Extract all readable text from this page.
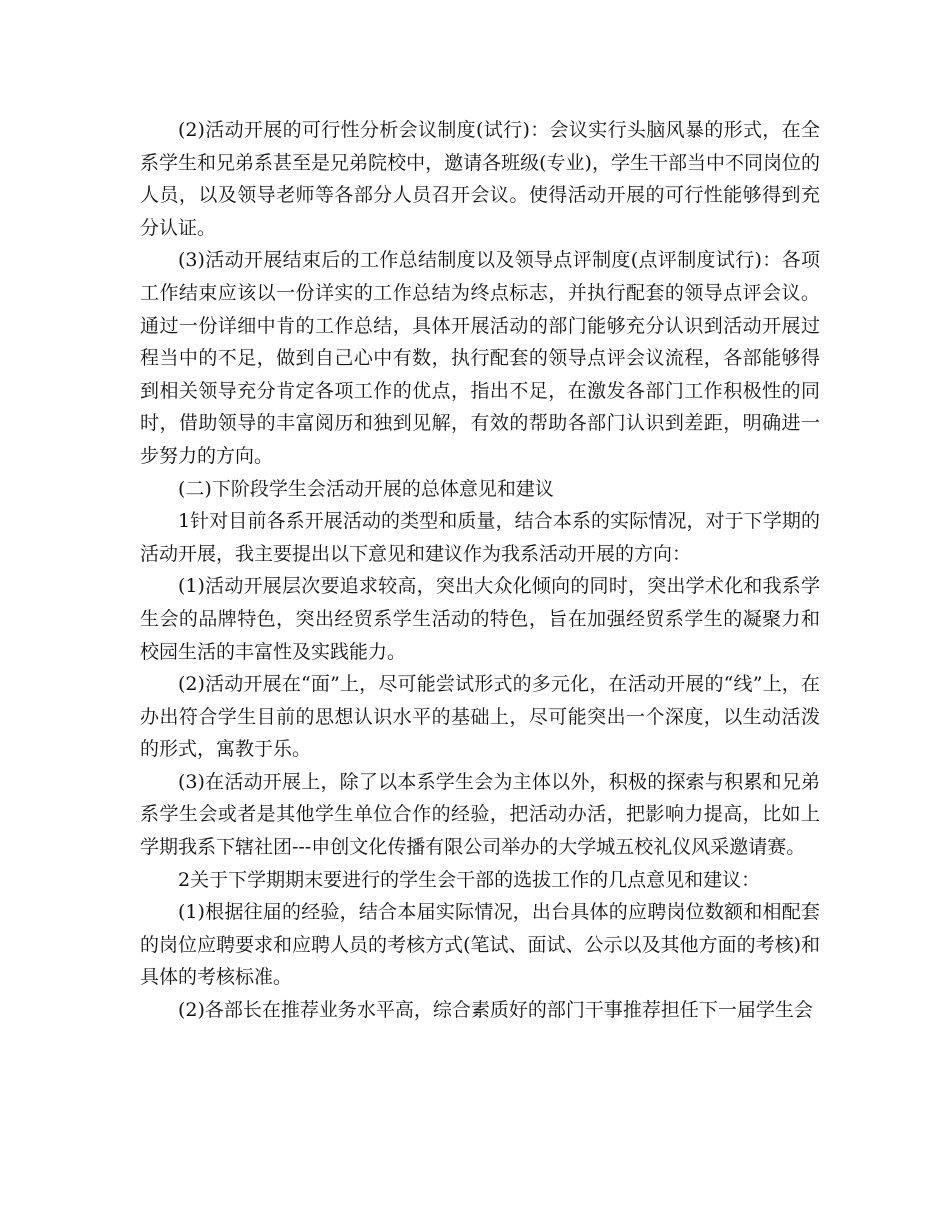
(2)活动开展的可行性分析会议制度(试行)：会议实行头脑风暴的形式，在全系学生和兄弟系甚至是兄弟院校中，邀请各班级(专业)，学生干部当中不同岗位的人员，以及领导老师等各部分人员召开会议。使得活动开展的可行性能够得到充分认证。

(3)活动开展结束后的工作总结制度以及领导点评制度(点评制度试行)：各项工作结束应该以一份详实的工作总结为终点标志，并执行配套的领导点评会议。通过一份详细中肯的工作总结，具体开展活动的部门能够充分认识到活动开展过程当中的不足，做到自己心中有数，执行配套的领导点评会议流程，各部能够得到相关领导充分肯定各项工作的优点，指出不足，在激发各部门工作积极性的同时，借助领导的丰富阅历和独到见解，有效的帮助各部门认识到差距，明确进一步努力的方向。

(二)下阶段学生会活动开展的总体意见和建议

1针对目前各系开展活动的类型和质量，结合本系的实际情况，对于下学期的活动开展，我主要提出以下意见和建议作为我系活动开展的方向：

(1)活动开展层次要追求较高，突出大众化倾向的同时，突出学术化和我系学生会的品牌特色，突出经贸系学生活动的特色，旨在加强经贸系学生的凝聚力和校园生活的丰富性及实践能力。

(2)活动开展在“面”上，尽可能尝试形式的多元化，在活动开展的“线”上，在办出符合学生目前的思想认识水平的基础上，尽可能突出一个深度，以生动活泼的形式，寓教于乐。

(3)在活动开展上，除了以本系学生会为主体以外，积极的探索与积累和兄弟系学生会或者是其他学生单位合作的经验，把活动办活，把影响力提高，比如上学期我系下辖社团---申创文化传播有限公司举办的大学城五校礼仪风采邀请赛。

2关于下学期期末要进行的学生会干部的选拔工作的几点意见和建议：

(1)根据往届的经验，结合本届实际情况，出台具体的应聘岗位数额和相配套的岗位应聘要求和应聘人员的考核方式(笔试、面试、公示以及其他方面的考核)和具体的考核标准。

(2)各部长在推荐业务水平高，综合素质好的部门干事推荐担任下一届学生会
